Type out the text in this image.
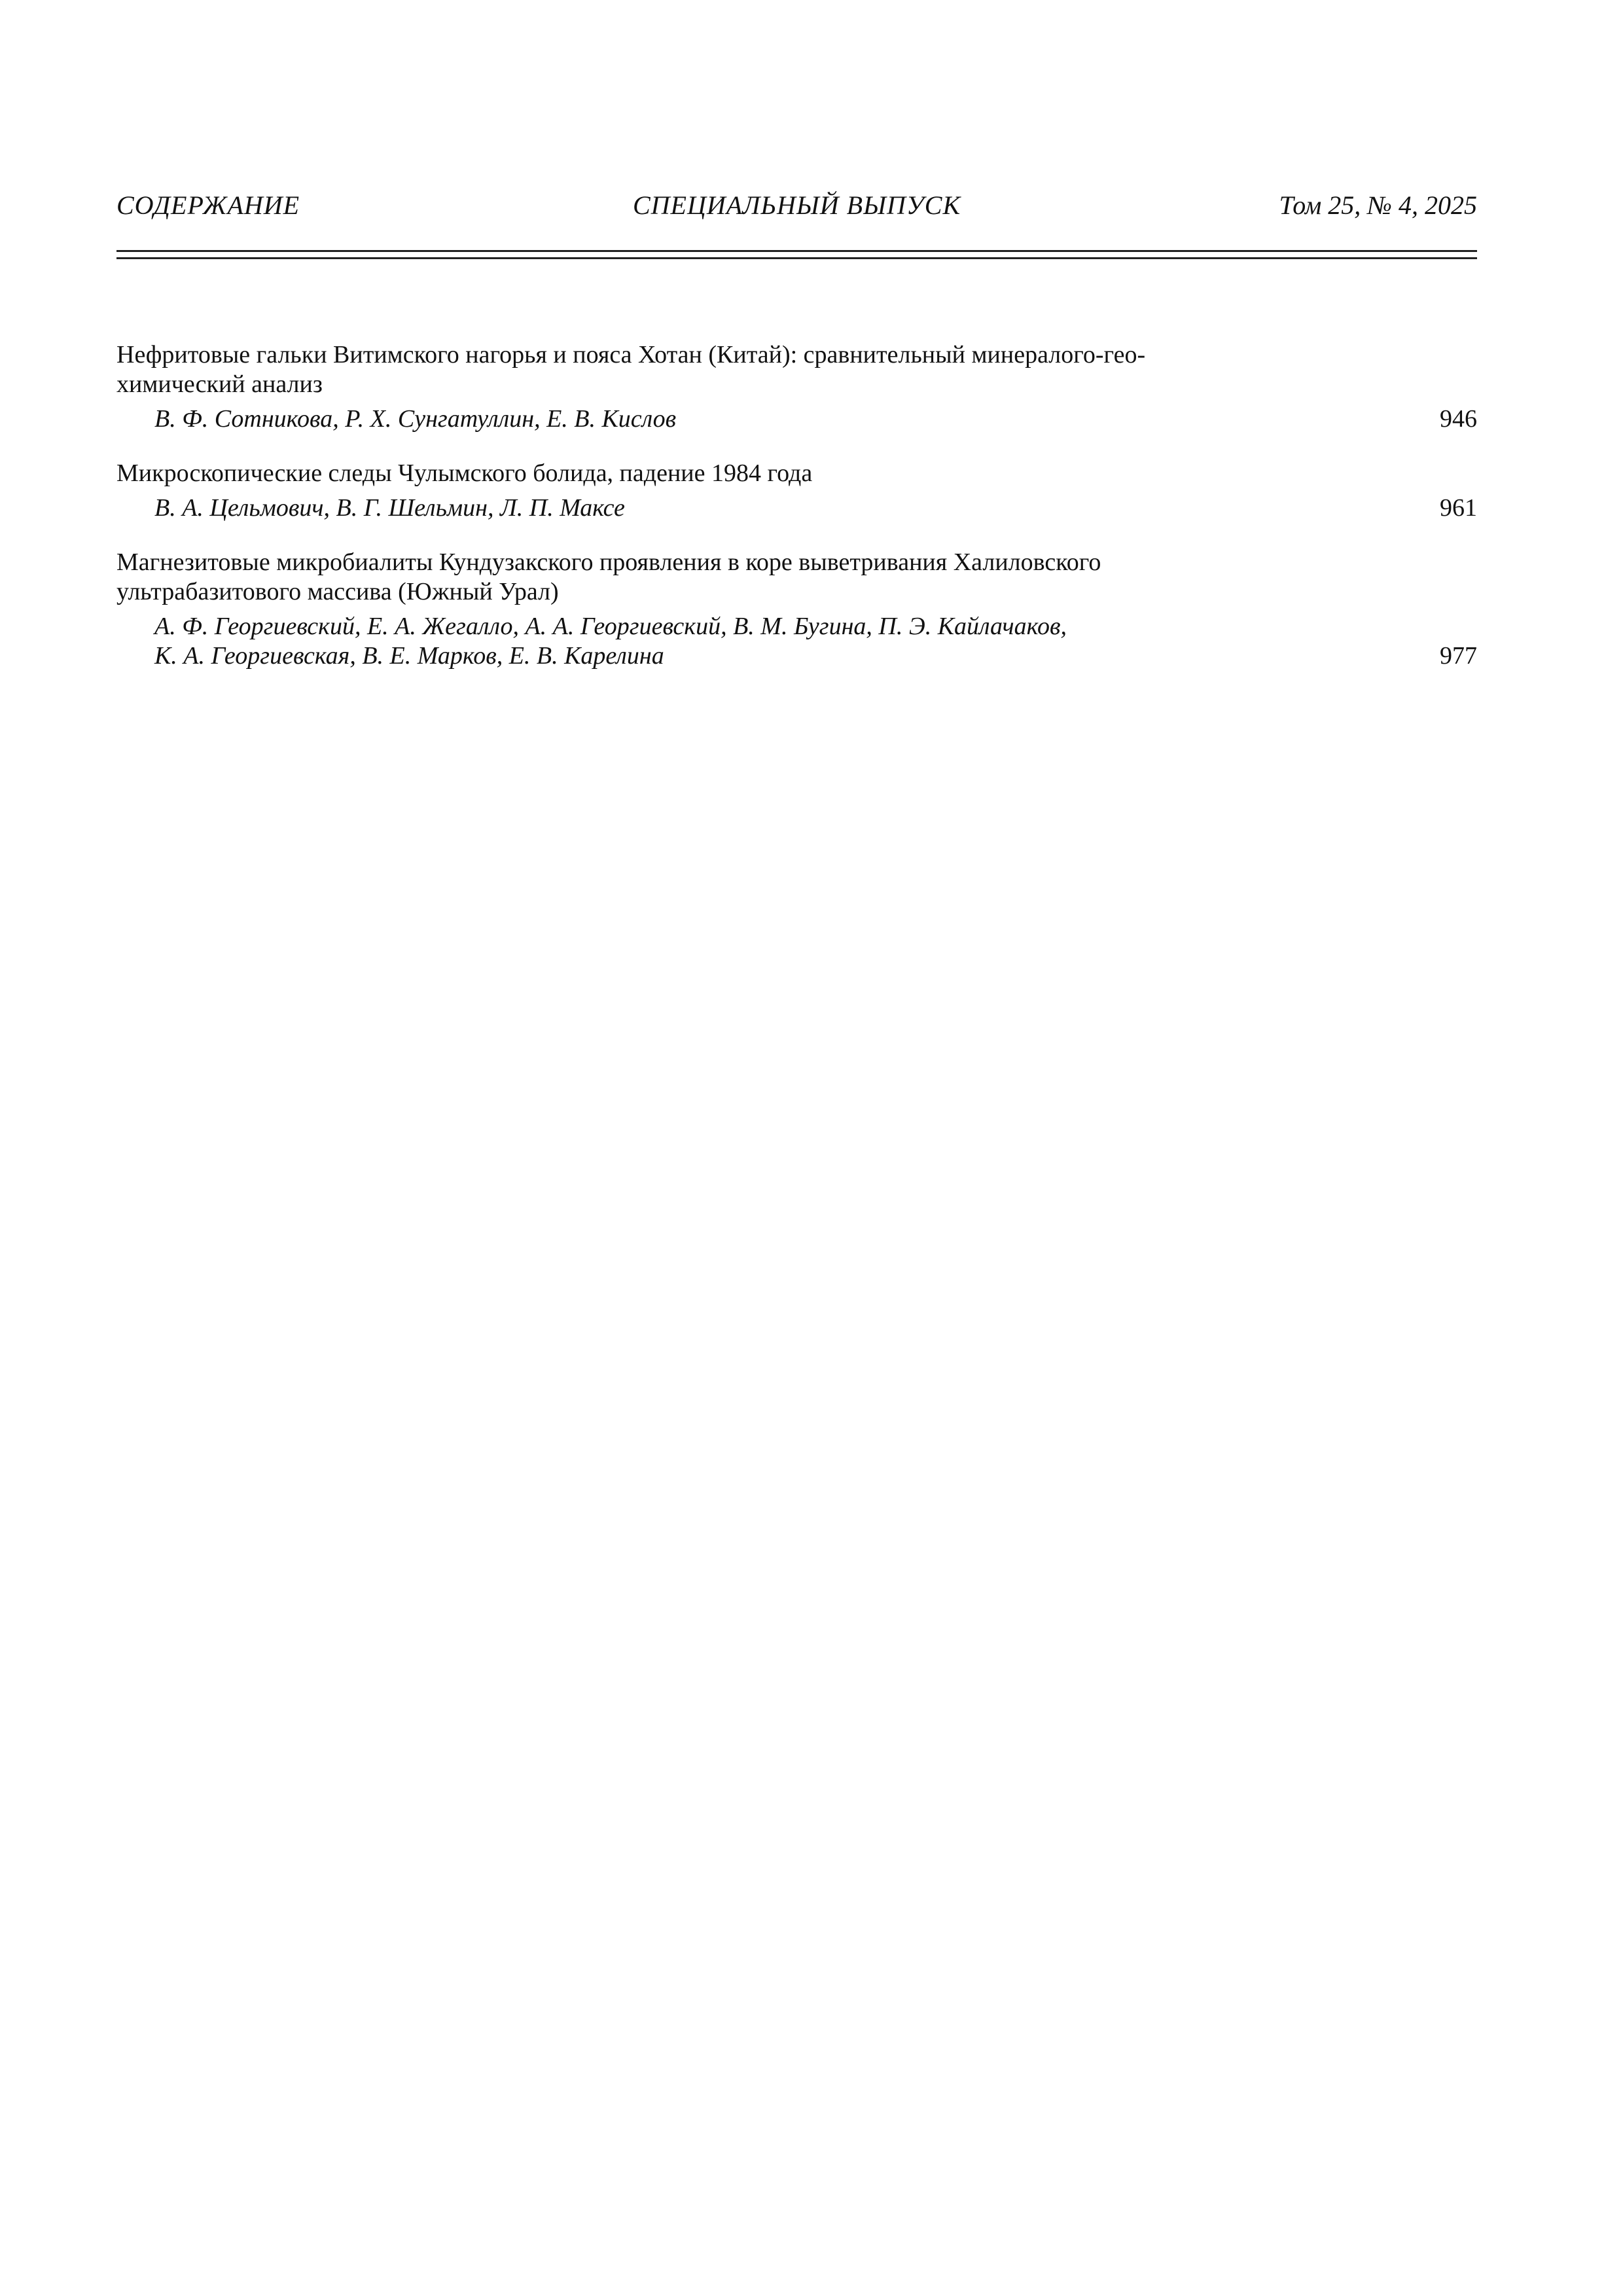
СОДЕРЖАНИЕ	СПЕЦИАЛЬНЫЙ ВЫПУСК	Том 25, № 4, 2025
Нефритовые гальки Витимского нагорья и пояса Хотан (Китай): сравнительный минералого-гео-
химический анализ
В. Ф. Сотникова, Р. Х. Сунгатуллин, Е. В. Кислов	946
Микроскопические следы Чулымского болида, падение 1984 года
В. А. Цельмович, В. Г. Шельмин, Л. П. Максе	961
Магнезитовые микробиалиты Кундузакского проявления в коре выветривания Халиловского
ультрабазитового массива (Южный Урал)
А. Ф. Георгиевский, Е. А. Жегалло, А. А. Георгиевский, В. М. Бугина, П. Э. Кайлачаков,
К. А. Георгиевская, В. Е. Марков, Е. В. Карелина	977
